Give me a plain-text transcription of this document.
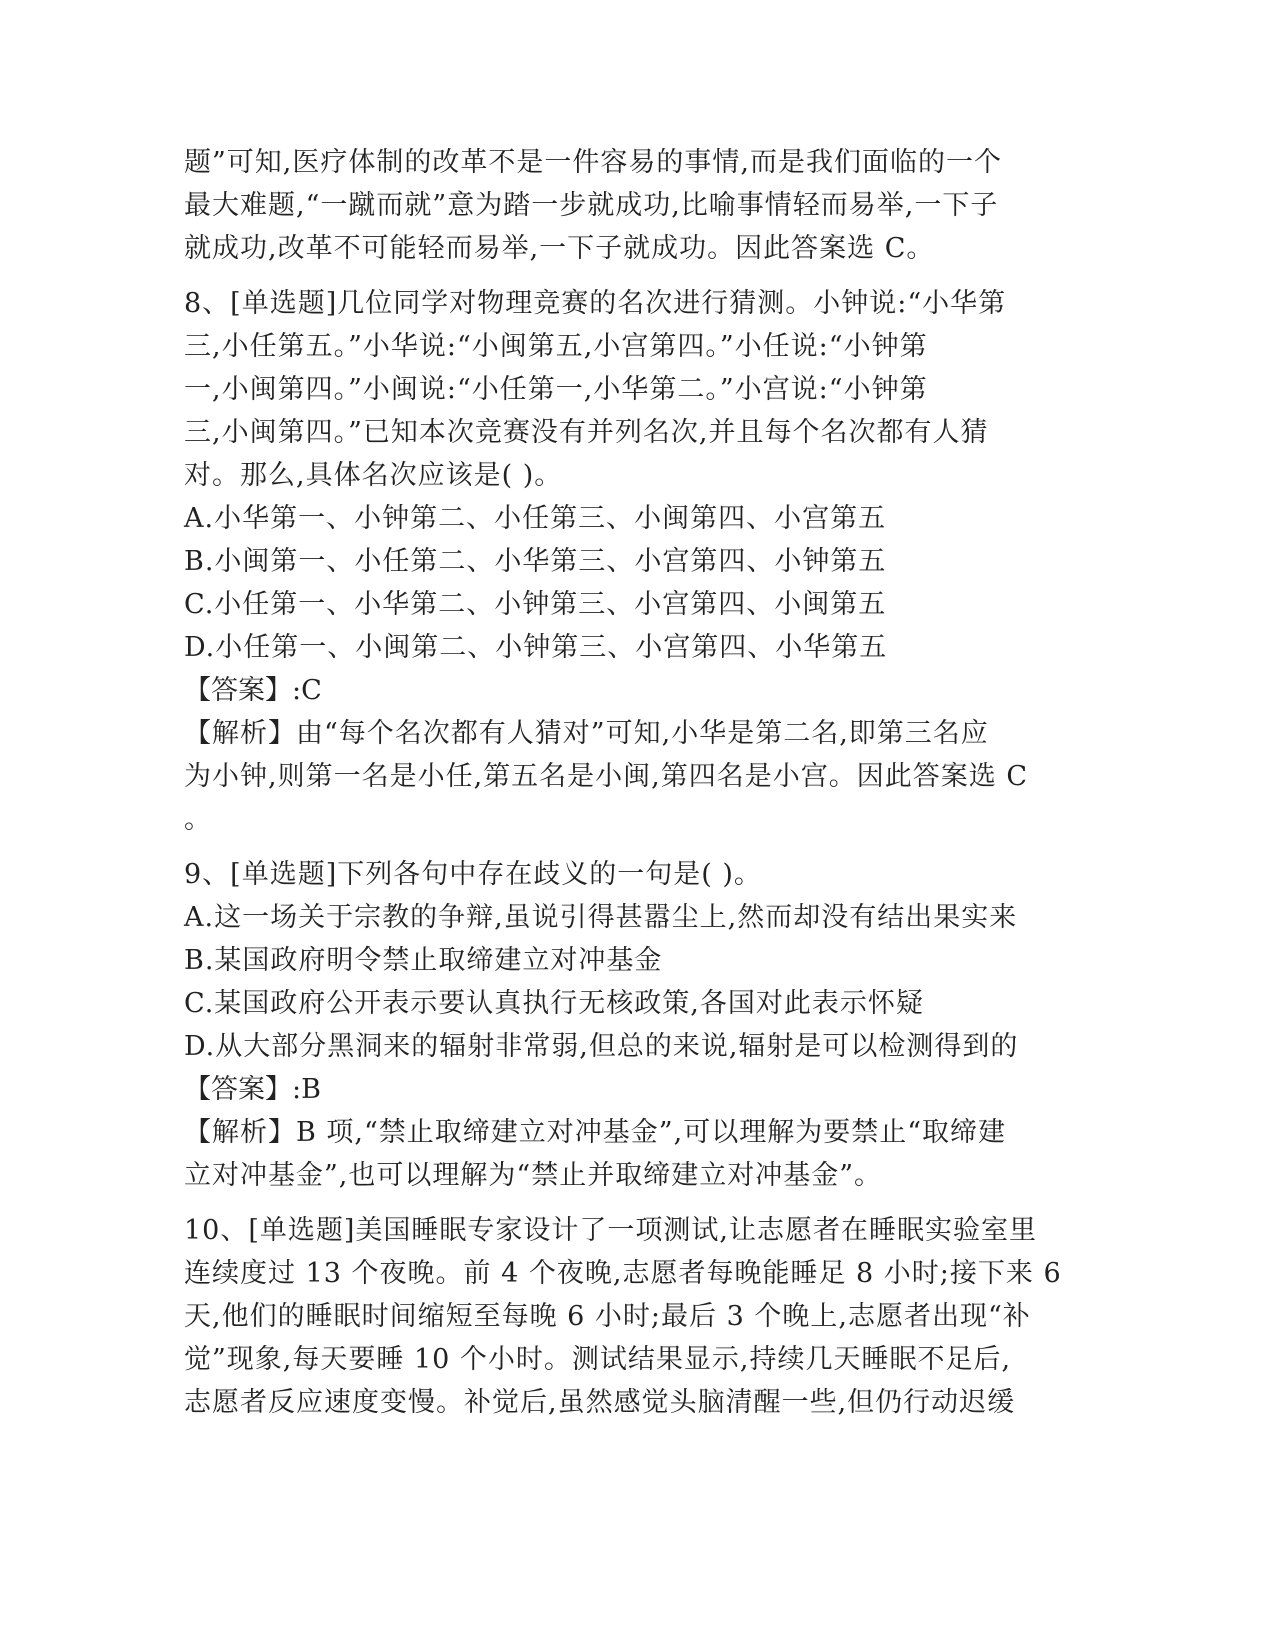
题”可知,医疗体制的改革不是一件容易的事情,而是我们面临的一个
最大难题,“一蹴而就”意为踏一步就成功,比喻事情轻而易举,一下子
就成功,改革不可能轻而易举,一下子就成功。因此答案选 C。
8、[单选题]几位同学对物理竞赛的名次进行猜测。小钟说:“小华第
三,小任第五。”小华说:“小闽第五,小宫第四。”小任说:“小钟第
一,小闽第四。”小闽说:“小任第一,小华第二。”小宫说:“小钟第
三,小闽第四。”已知本次竞赛没有并列名次,并且每个名次都有人猜
对。那么,具体名次应该是( )。
A.小华第一、小钟第二、小任第三、小闽第四、小宫第五
B.小闽第一、小任第二、小华第三、小宫第四、小钟第五
C.小任第一、小华第二、小钟第三、小宫第四、小闽第五
D.小任第一、小闽第二、小钟第三、小宫第四、小华第五
【答案】:C
【解析】由“每个名次都有人猜对”可知,小华是第二名,即第三名应
为小钟,则第一名是小任,第五名是小闽,第四名是小宫。因此答案选 C
。
9、[单选题]下列各句中存在歧义的一句是( )。
A.这一场关于宗教的争辩,虽说引得甚嚣尘上,然而却没有结出果实来
B.某国政府明令禁止取缔建立对冲基金
C.某国政府公开表示要认真执行无核政策,各国对此表示怀疑
D.从大部分黑洞来的辐射非常弱,但总的来说,辐射是可以检测得到的
【答案】:B
【解析】B 项,“禁止取缔建立对冲基金”,可以理解为要禁止“取缔建
立对冲基金”,也可以理解为“禁止并取缔建立对冲基金”。
10、[单选题]美国睡眠专家设计了一项测试,让志愿者在睡眠实验室里
连续度过 13 个夜晚。前 4 个夜晚,志愿者每晚能睡足 8 小时;接下来 6
天,他们的睡眠时间缩短至每晚 6 小时;最后 3 个晚上,志愿者出现“补
觉”现象,每天要睡 10 个小时。测试结果显示,持续几天睡眠不足后,
志愿者反应速度变慢。补觉后,虽然感觉头脑清醒一些,但仍行动迟缓
